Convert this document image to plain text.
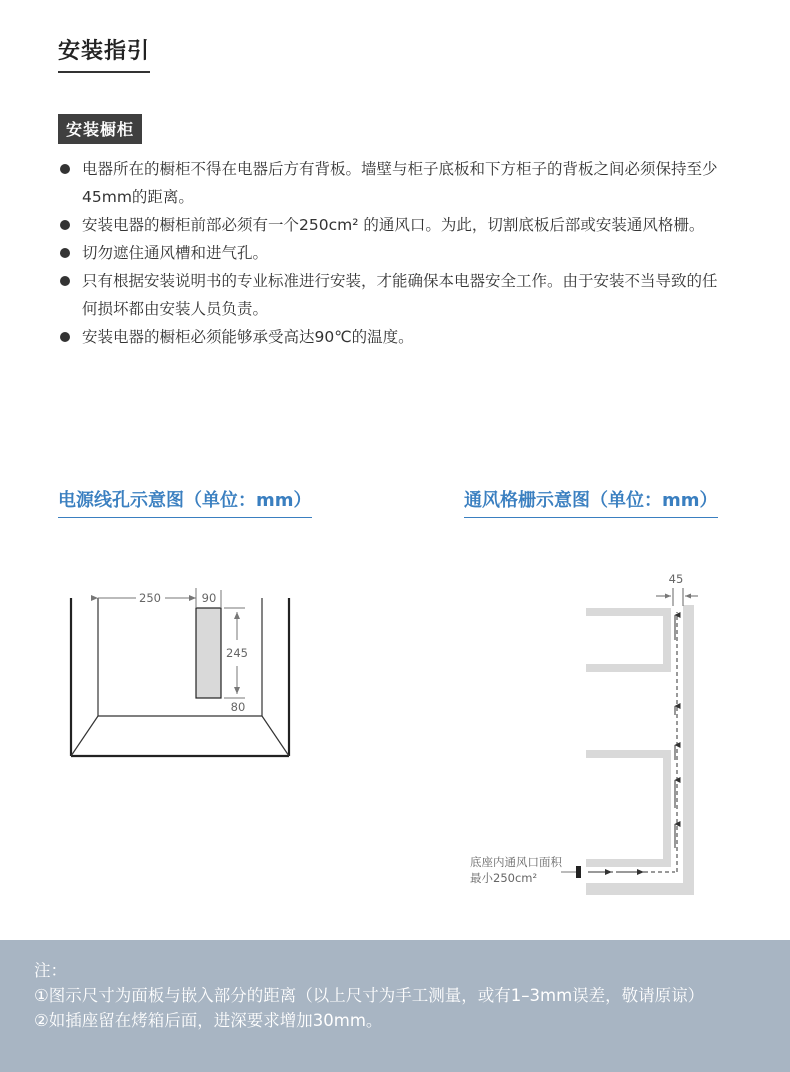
安装指引
安装橱柜
电器所在的橱柜不得在电器后方有背板。墙壁与柜子底板和下方柜子的背板之间必须保持至少45mm的距离。
安装电器的橱柜前部必须有一个250cm² 的通风口。为此，切割底板后部或安装通风格栅。
切勿遮住通风槽和进气孔。
只有根据安装说明书的专业标准进行安装，才能确保本电器安全工作。由于安装不当导致的任何损坏都由安装人员负责。
安装电器的橱柜必须能够承受高达90℃的温度。
电源线孔示意图（单位：mm）	通风格栅示意图（单位：mm）
250	90
245
80
45
底座内通风口面积
最小250cm²
注：
①图示尺寸为面板与嵌入部分的距离（以上尺寸为手工测量，或有1–3mm误差，敬请原谅）
②如插座留在烤箱后面，进深要求增加30mm。
